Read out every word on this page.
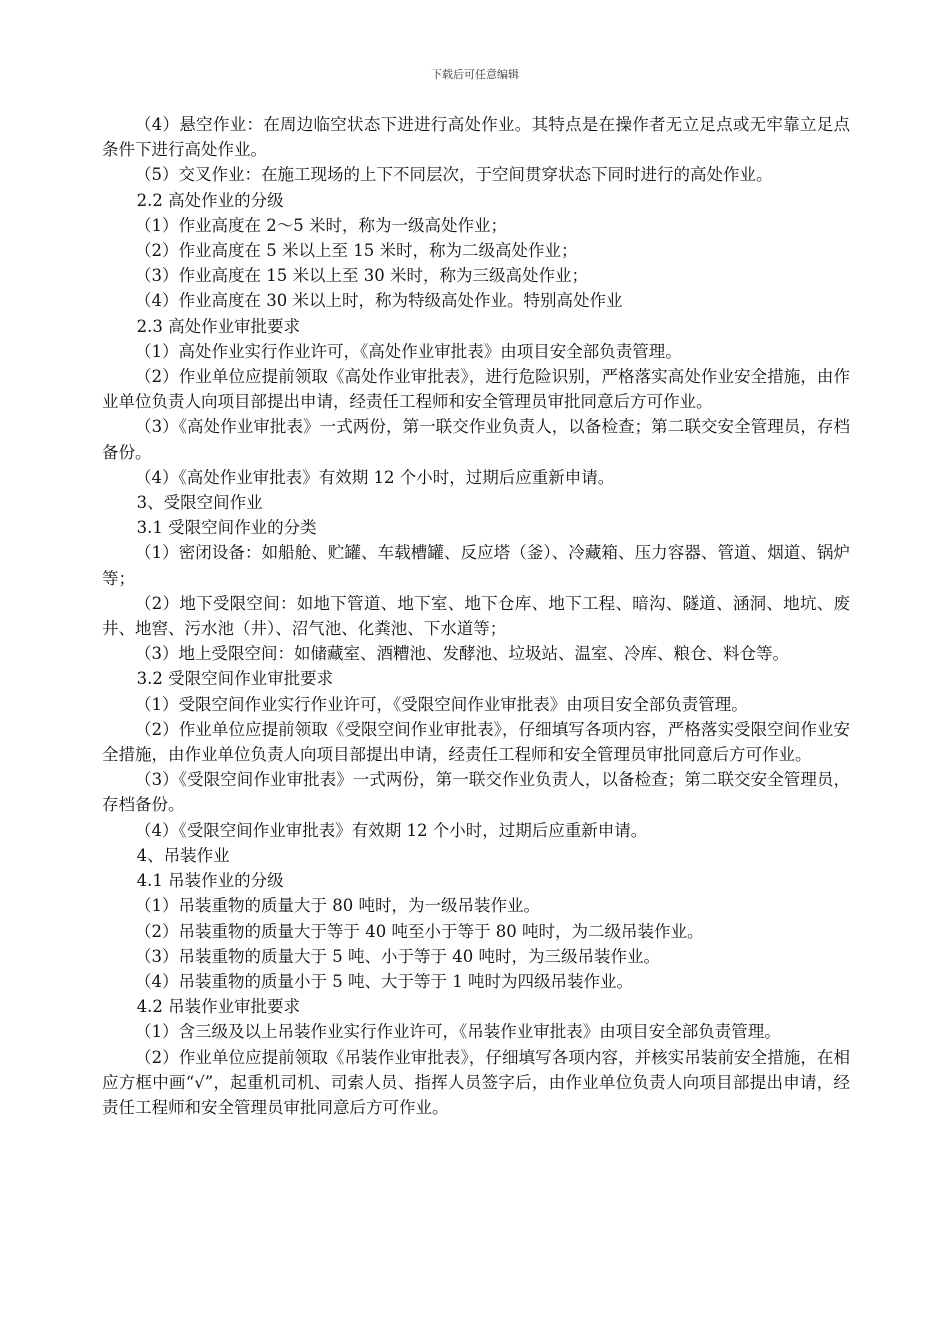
下载后可任意编辑

（4）悬空作业：在周边临空状态下进进行高处作业。其特点是在操作者无立足点或无牢靠立足点条件下进行高处作业。

（5）交叉作业：在施工现场的上下不同层次，于空间贯穿状态下同时进行的高处作业。

2.2 高处作业的分级

（1）作业高度在 2～5 米时，称为一级高处作业；

（2）作业高度在 5 米以上至 15 米时，称为二级高处作业；

（3）作业高度在 15 米以上至 30 米时，称为三级高处作业；

（4）作业高度在 30 米以上时，称为特级高处作业。特别高处作业

2.3 高处作业审批要求

（1）高处作业实行作业许可，《高处作业审批表》由项目安全部负责管理。

（2）作业单位应提前领取《高处作业审批表》，进行危险识别，严格落实高处作业安全措施，由作业单位负责人向项目部提出申请，经责任工程师和安全管理员审批同意后方可作业。

（3）《高处作业审批表》一式两份，第一联交作业负责人，以备检查；第二联交安全管理员，存档备份。

（4）《高处作业审批表》有效期 12 个小时，过期后应重新申请。

3、受限空间作业

3.1 受限空间作业的分类

（1）密闭设备：如船舱、贮罐、车载槽罐、反应塔（釜）、冷藏箱、压力容器、管道、烟道、锅炉等；

（2）地下受限空间：如地下管道、地下室、地下仓库、地下工程、暗沟、隧道、涵洞、地坑、废井、地窖、污水池（井）、沼气池、化粪池、下水道等；

（3）地上受限空间：如储藏室、酒糟池、发酵池、垃圾站、温室、冷库、粮仓、料仓等。

3.2 受限空间作业审批要求

（1）受限空间作业实行作业许可，《受限空间作业审批表》由项目安全部负责管理。

（2）作业单位应提前领取《受限空间作业审批表》，仔细填写各项内容，严格落实受限空间作业安全措施，由作业单位负责人向项目部提出申请，经责任工程师和安全管理员审批同意后方可作业。

（3）《受限空间作业审批表》一式两份，第一联交作业负责人，以备检查；第二联交安全管理员，存档备份。

（4）《受限空间作业审批表》有效期 12 个小时，过期后应重新申请。

4、吊装作业

4.1 吊装作业的分级

（1）吊装重物的质量大于 80 吨时，为一级吊装作业。

（2）吊装重物的质量大于等于 40 吨至小于等于 80 吨时，为二级吊装作业。

（3）吊装重物的质量大于 5 吨、小于等于 40 吨时，为三级吊装作业。

（4）吊装重物的质量小于 5 吨、大于等于 1 吨时为四级吊装作业。

4.2 吊装作业审批要求

（1）含三级及以上吊装作业实行作业许可，《吊装作业审批表》由项目安全部负责管理。

（2）作业单位应提前领取《吊装作业审批表》，仔细填写各项内容，并核实吊装前安全措施，在相应方框中画“√”，起重机司机、司索人员、指挥人员签字后，由作业单位负责人向项目部提出申请，经责任工程师和安全管理员审批同意后方可作业。
